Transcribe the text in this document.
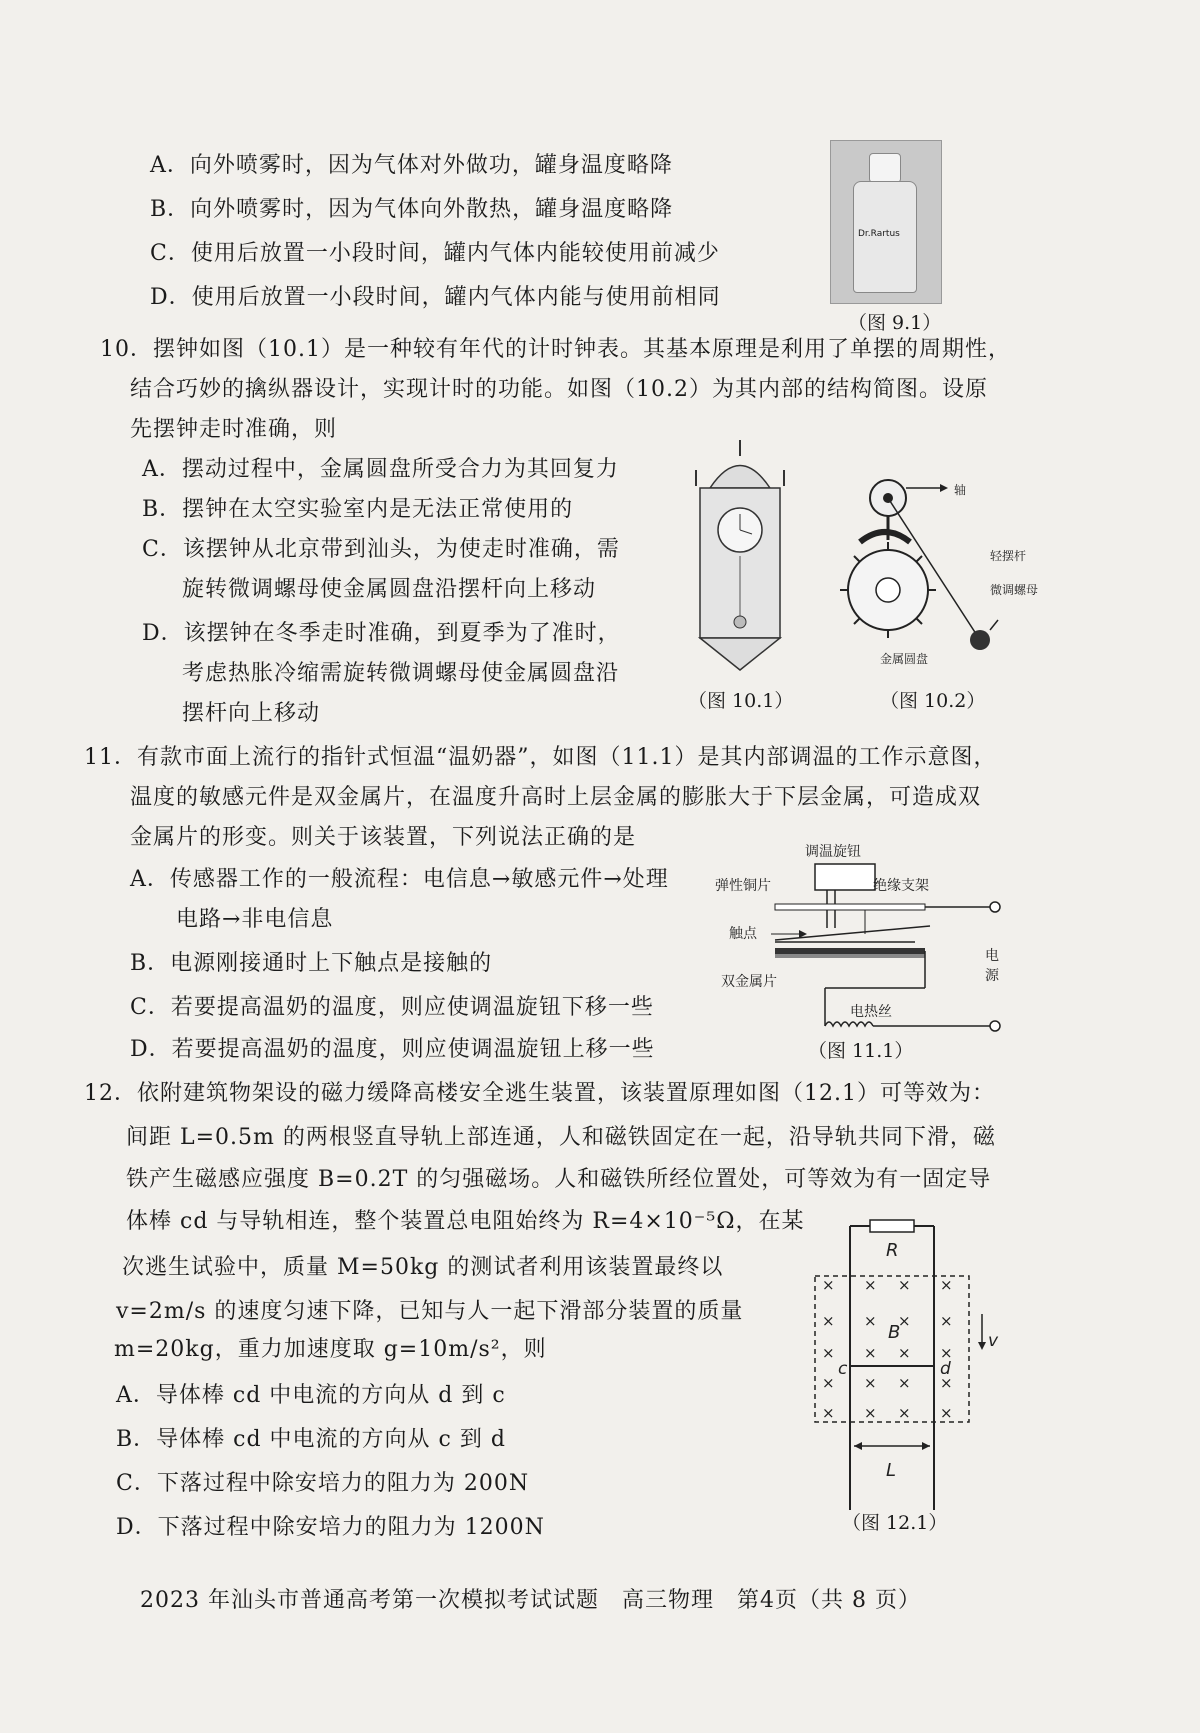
A．向外喷雾时，因为气体对外做功，罐身温度略降
B．向外喷雾时，因为气体向外散热，罐身温度略降
C．使用后放置一小段时间，罐内气体内能较使用前减少
D．使用后放置一小段时间，罐内气体内能与使用前相同
Dr.Rartus
（图 9.1）
10．摆钟如图（10.1）是一种较有年代的计时钟表。其基本原理是利用了单摆的周期性，
结合巧妙的擒纵器设计，实现计时的功能。如图（10.2）为其内部的结构简图。设原
先摆钟走时准确，则
A．摆动过程中，金属圆盘所受合力为其回复力
B．摆钟在太空实验室内是无法正常使用的
C．该摆钟从北京带到汕头，为使走时准确，需
旋转微调螺母使金属圆盘沿摆杆向上移动
D．该摆钟在冬季走时准确，到夏季为了准时，
考虑热胀冷缩需旋转微调螺母使金属圆盘沿
摆杆向上移动	（图 10.1）
轴
轻摆杆
微调螺母
金属圆盘
（图 10.2）
11．有款市面上流行的指针式恒温“温奶器”，如图（11.1）是其内部调温的工作示意图，
温度的敏感元件是双金属片，在温度升高时上层金属的膨胀大于下层金属，可造成双
金属片的形变。则关于该装置，下列说法正确的是
A．传感器工作的一般流程：电信息→敏感元件→处理
电路→非电信息
B．电源刚接通时上下触点是接触的
C．若要提高温奶的温度，则应使调温旋钮下移一些
D．若要提高温奶的温度，则应使调温旋钮上移一些
调温旋钮
弹性铜片	绝缘支架
触点
双金属片
电热丝
电
源
（图 11.1）
12．依附建筑物架设的磁力缓降高楼安全逃生装置，该装置原理如图（12.1）可等效为：
间距 L=0.5m 的两根竖直导轨上部连通，人和磁铁固定在一起，沿导轨共同下滑，磁
铁产生磁感应强度 B=0.2T 的匀强磁场。人和磁铁所经位置处，可等效为有一固定导
体棒 cd 与导轨相连，整个装置总电阻始终为 R=4×10⁻⁵Ω，在某
次逃生试验中，质量 M=50kg 的测试者利用该装置最终以
v=2m/s 的速度匀速下降，已知与人一起下滑部分装置的质量
m=20kg，重力加速度取 g=10m/s²，则
A．导体棒 cd 中电流的方向从 d 到 c
B．导体棒 cd 中电流的方向从 c 到 d
C．下落过程中除安培力的阻力为 200N
D．下落过程中除安培力的阻力为 1200N
R
× × × ×
× × × ×
× × × ×
× × × ×
× × × ×
B
c	d
v
L
（图 12.1）
2023 年汕头市普通高考第一次模拟考试试题　高三物理　第4页（共 8 页）
